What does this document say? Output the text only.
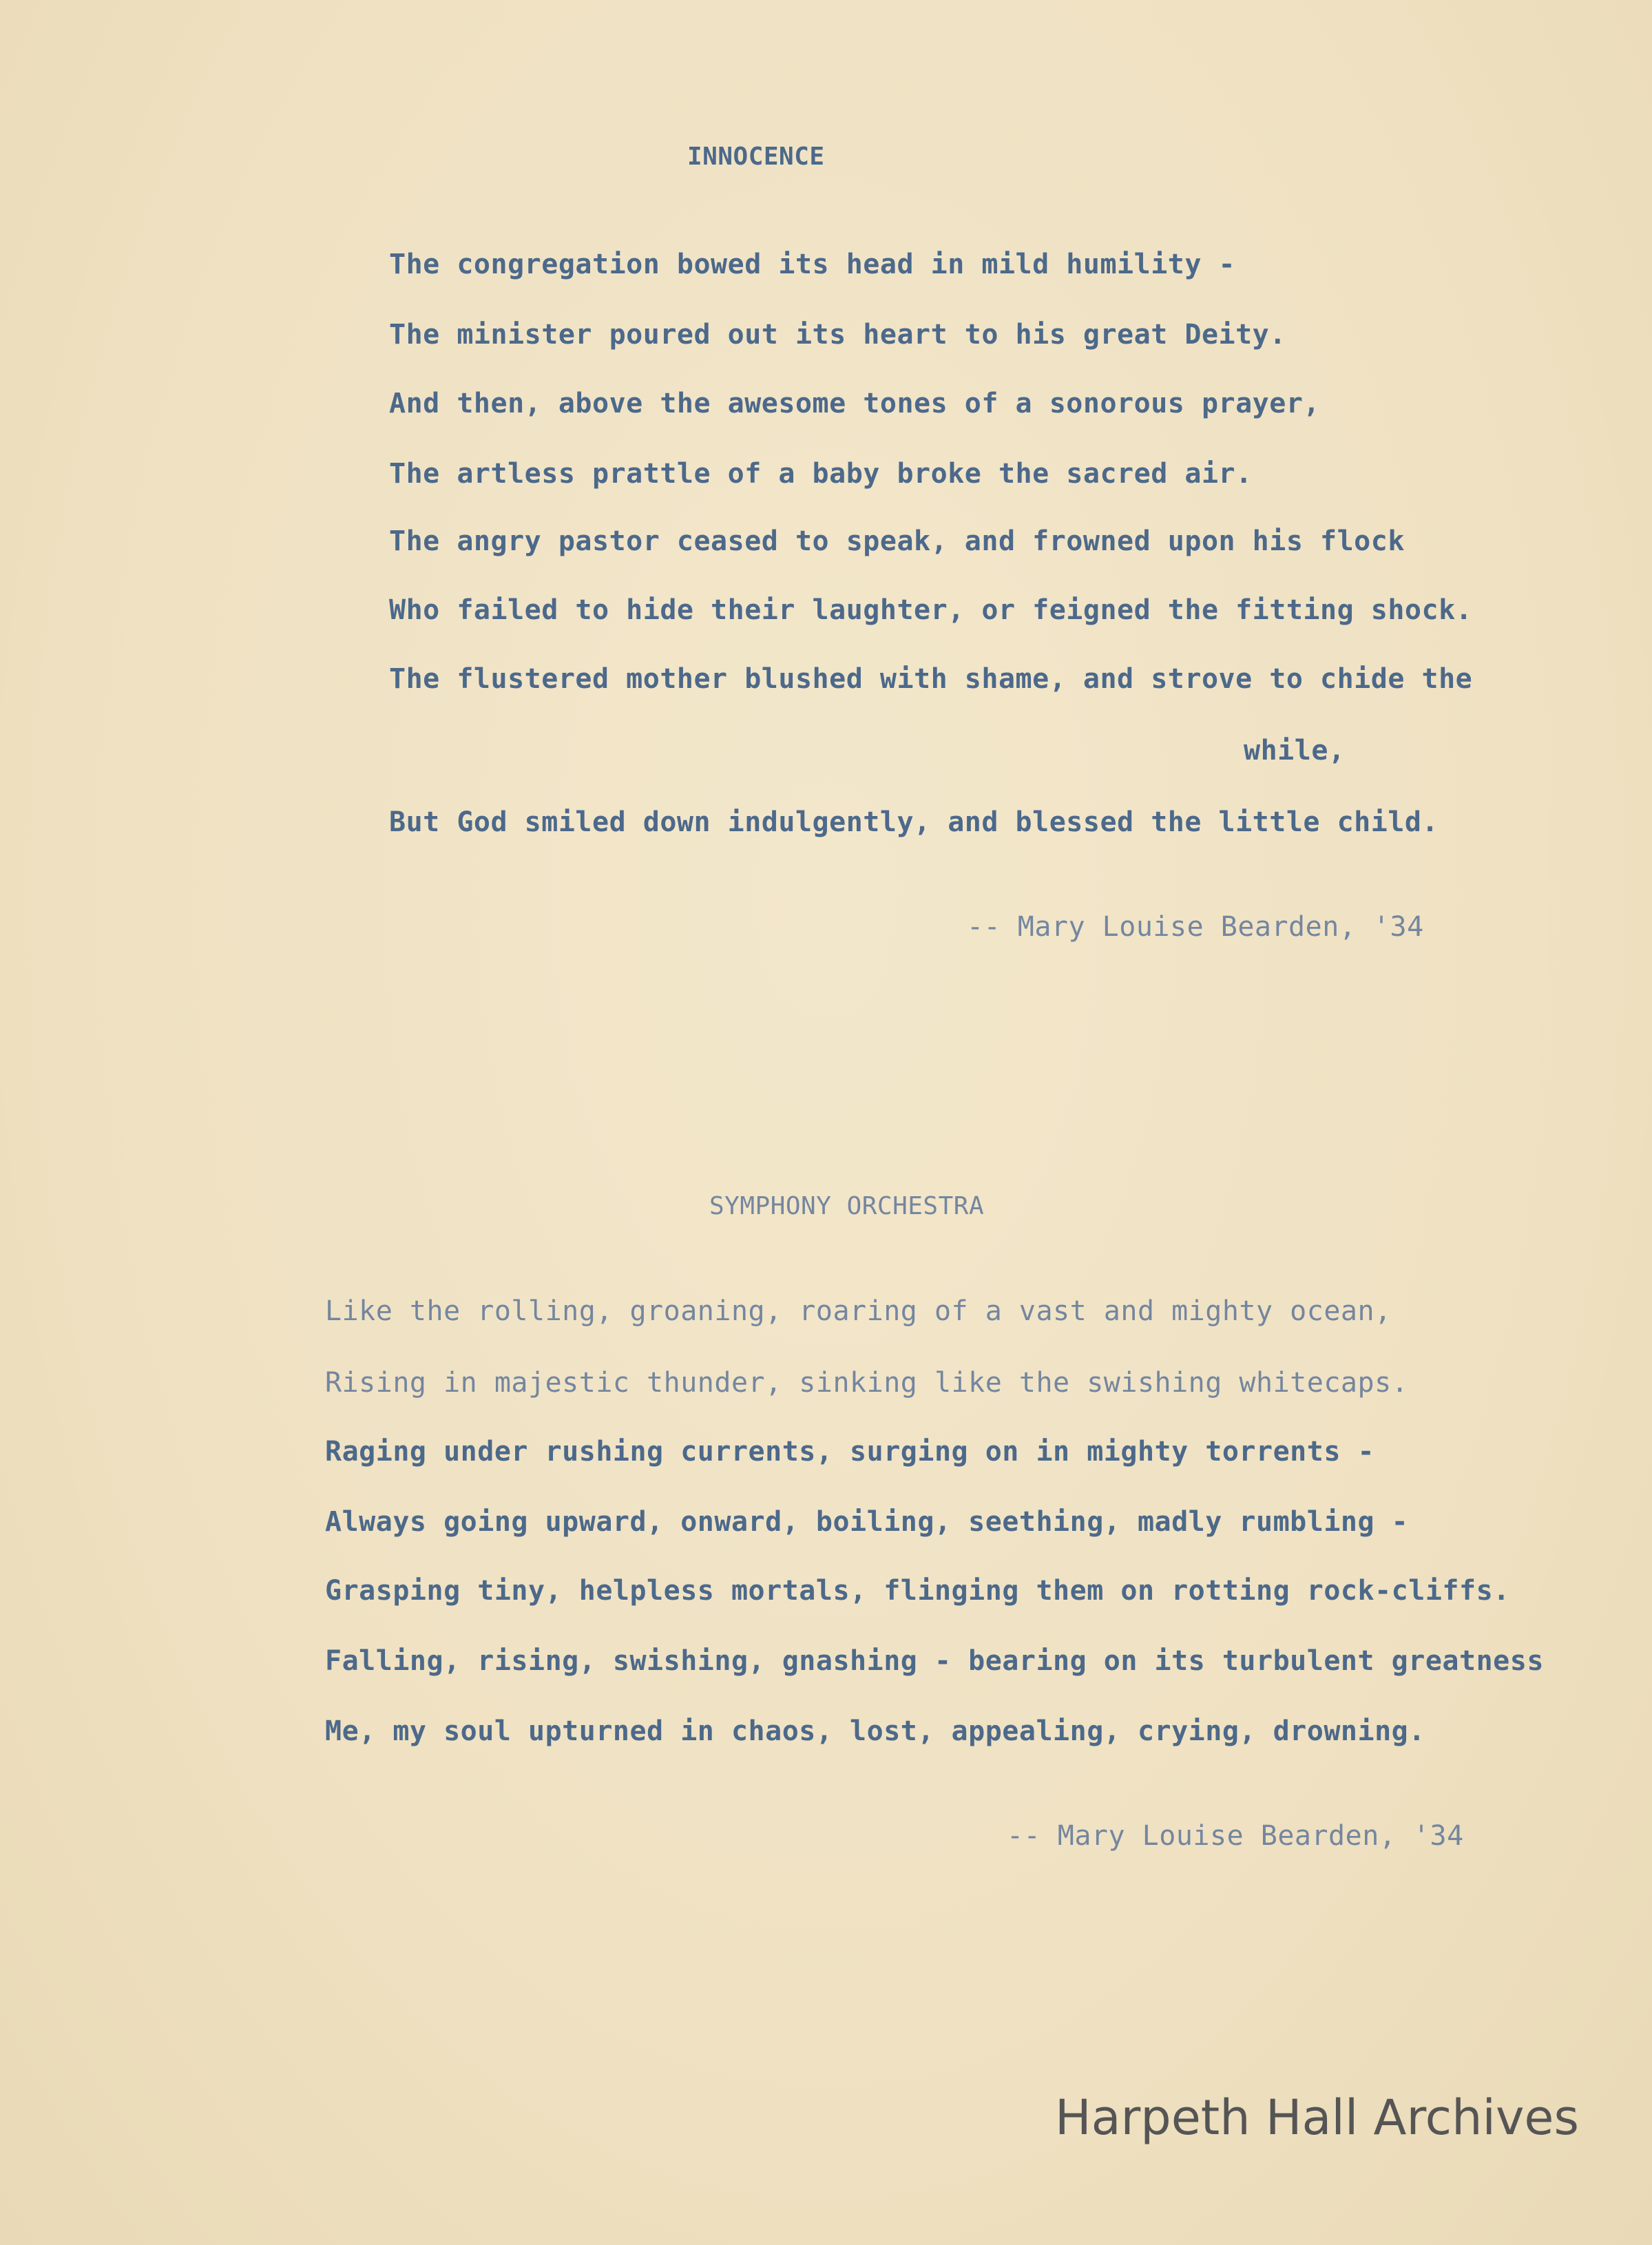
INNOCENCE
The congregation bowed its head in mild humility -
The minister poured out its heart to his great Deity.
And then, above the awesome tones of a sonorous prayer,
The artless prattle of a baby broke the sacred air.
The angry pastor ceased to speak, and frowned upon his flock
Who failed to hide their laughter, or feigned the fitting shock.
The flustered mother blushed with shame, and strove to chide the
while,
But God smiled down indulgently, and blessed the little child.
-- Mary Louise Bearden, '34
SYMPHONY ORCHESTRA
Like the rolling, groaning, roaring of a vast and mighty ocean,
Rising in majestic thunder, sinking like the swishing whitecaps.
Raging under rushing currents, surging on in mighty torrents -
Always going upward, onward, boiling, seething, madly rumbling -
Grasping tiny, helpless mortals, flinging them on rotting rock-cliffs.
Falling, rising, swishing, gnashing - bearing on its turbulent greatness
Me, my soul upturned in chaos, lost, appealing, crying, drowning.
-- Mary Louise Bearden, '34
Harpeth Hall Archives
